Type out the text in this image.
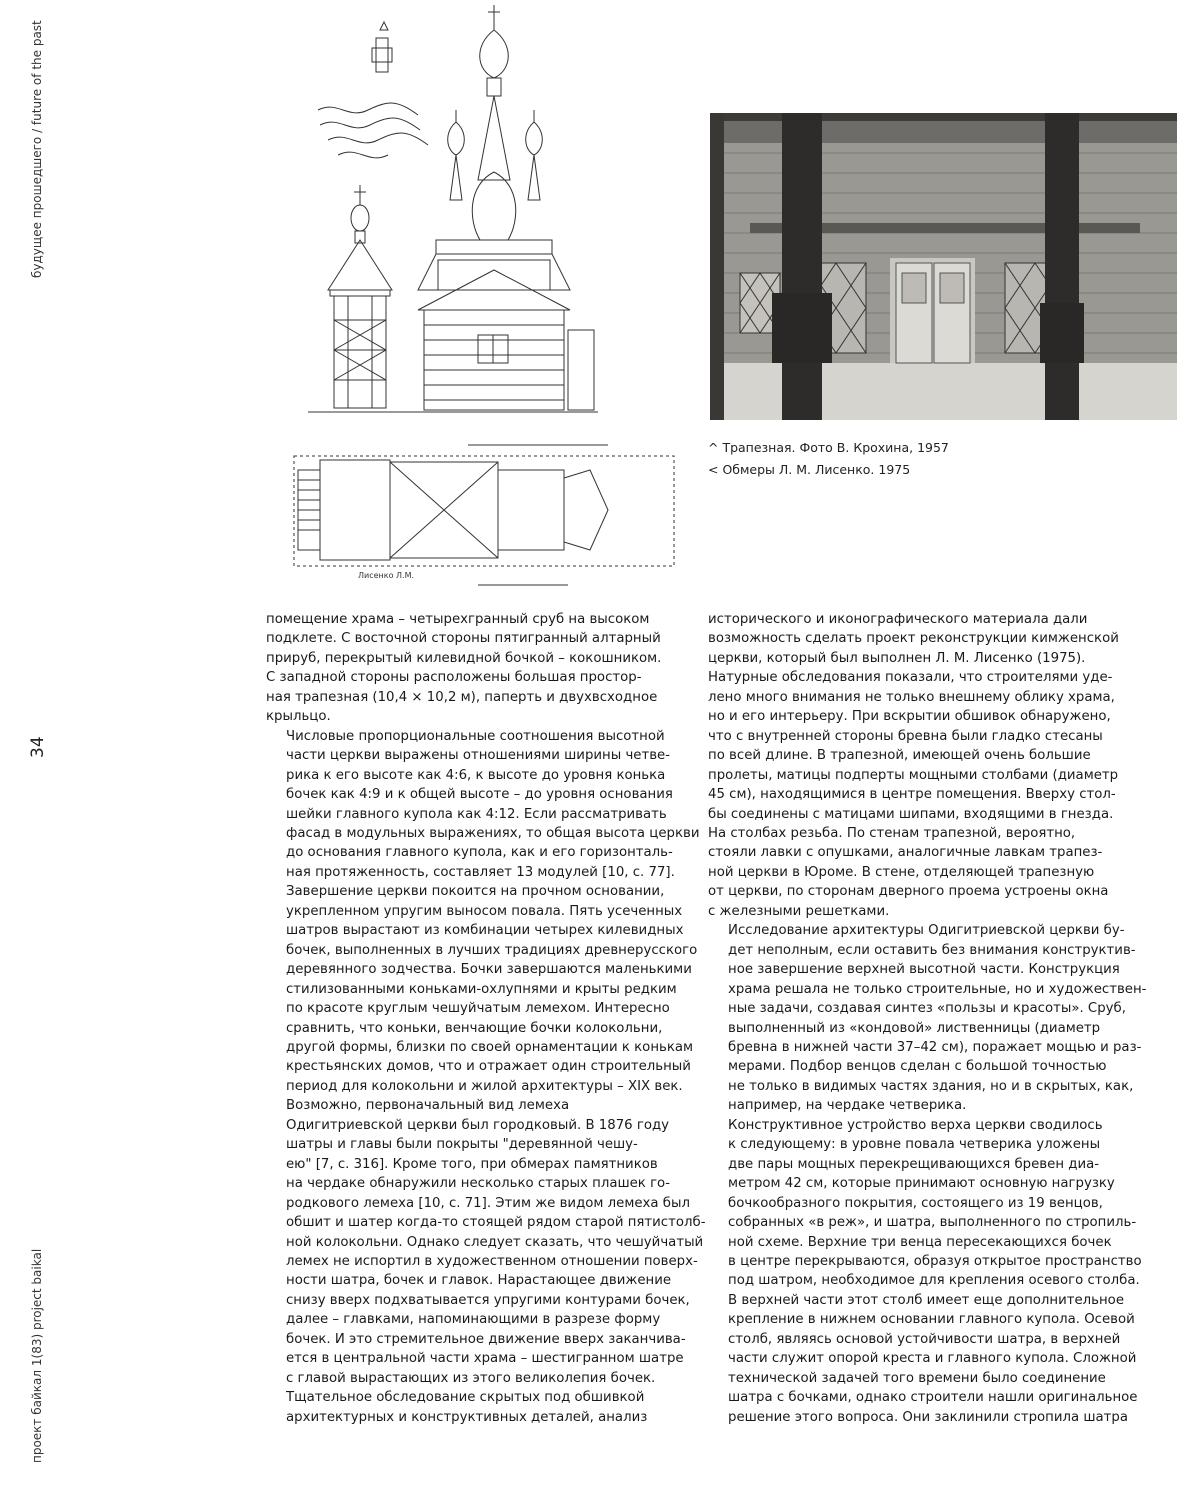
будущее прошедшего / future of the past
34
проект байкал 1(83) project baikal
Лисенко Л.М.
^ Трапезная. Фото В. Крохина, 1957
< Обмеры Л. М. Лисенко. 1975

помещение храма – четырехгранный сруб на высоком
подклете. С восточной стороны пятигранный алтарный
прируб, перекрытый килевидной бочкой – кокошником.
С западной стороны расположены большая простор-
ная трапезная (10,4 × 10,2 м), паперть и двухвсходное
крыльцо.

Числовые пропорциональные соотношения высотной
части церкви выражены отношениями ширины четве-
рика к его высоте как 4:6, к высоте до уровня конька
бочек как 4:9 и к общей высоте – до уровня основания
шейки главного купола как 4:12. Если рассматривать
фасад в модульных выражениях, то общая высота церкви
до основания главного купола, как и его горизонталь-
ная протяженность, составляет 13 модулей [10, с. 77].
Завершение церкви покоится на прочном основании,
укрепленном упругим выносом повала. Пять усеченных
шатров вырастают из комбинации четырех килевидных
бочек, выполненных в лучших традициях древнерусского
деревянного зодчества. Бочки завершаются маленькими
стилизованными коньками-охлупнями и крыты редким
по красоте круглым чешуйчатым лемехом. Интересно
сравнить, что коньки, венчающие бочки колокольни,
другой формы, близки по своей орнаментации к конькам
крестьянских домов, что и отражает один строительный
период для колокольни и жилой архитектуры – XIX век.

Возможно, первоначальный вид лемеха
Одигитриевской церкви был городковый. В 1876 году
шатры и главы были покрыты "деревянной чешу-
ею" [7, с. 316]. Кроме того, при обмерах памятников
на чердаке обнаружили несколько старых плашек го-
родкового лемеха [10, с. 71]. Этим же видом лемеха был
обшит и шатер когда-то стоящей рядом старой пятистолб-
ной колокольни. Однако следует сказать, что чешуйчатый
лемех не испортил в художественном отношении поверх-
ности шатра, бочек и главок. Нарастающее движение
снизу вверх подхватывается упругими контурами бочек,
далее – главками, напоминающими в разрезе форму
бочек. И это стремительное движение вверх заканчива-
ется в центральной части храма – шестигранном шатре
с главой вырастающих из этого великолепия бочек.

Тщательное обследование скрытых под обшивкой
архитектурных и конструктивных деталей, анализ

исторического и иконографического материала дали
возможность сделать проект реконструкции кимженской
церкви, который был выполнен Л. М. Лисенко (1975).
Натурные обследования показали, что строителями уде-
лено много внимания не только внешнему облику храма,
но и его интерьеру. При вскрытии обшивок обнаружено,
что с внутренней стороны бревна были гладко стесаны
по всей длине. В трапезной, имеющей очень большие
пролеты, матицы подперты мощными столбами (диаметр
45 см), находящимися в центре помещения. Вверху стол-
бы соединены с матицами шипами, входящими в гнезда.
На столбах резьба. По стенам трапезной, вероятно,
стояли лавки с опушками, аналогичные лавкам трапез-
ной церкви в Юроме. В стене, отделяющей трапезную
от церкви, по сторонам дверного проема устроены окна
с железными решетками.

Исследование архитектуры Одигитриевской церкви бу-
дет неполным, если оставить без внимания конструктив-
ное завершение верхней высотной части. Конструкция
храма решала не только строительные, но и художествен-
ные задачи, создавая синтез «пользы и красоты». Сруб,
выполненный из «кондовой» лиственницы (диаметр
бревна в нижней части 37–42 см), поражает мощью и раз-
мерами. Подбор венцов сделан с большой точностью
не только в видимых частях здания, но и в скрытых, как,
например, на чердаке четверика.

Конструктивное устройство верха церкви сводилось
к следующему: в уровне повала четверика уложены
две пары мощных перекрещивающихся бревен диа-
метром 42 см, которые принимают основную нагрузку
бочкообразного покрытия, состоящего из 19 венцов,
собранных «в реж», и шатра, выполненного по стропиль-
ной схеме. Верхние три венца пересекающихся бочек
в центре перекрываются, образуя открытое пространство
под шатром, необходимое для крепления осевого столба.
В верхней части этот столб имеет еще дополнительное
крепление в нижнем основании главного купола. Осевой
столб, являясь основой устойчивости шатра, в верхней
части служит опорой креста и главного купола. Сложной
технической задачей того времени было соединение
шатра с бочками, однако строители нашли оригинальное
решение этого вопроса. Они заклинили стропила шатра
